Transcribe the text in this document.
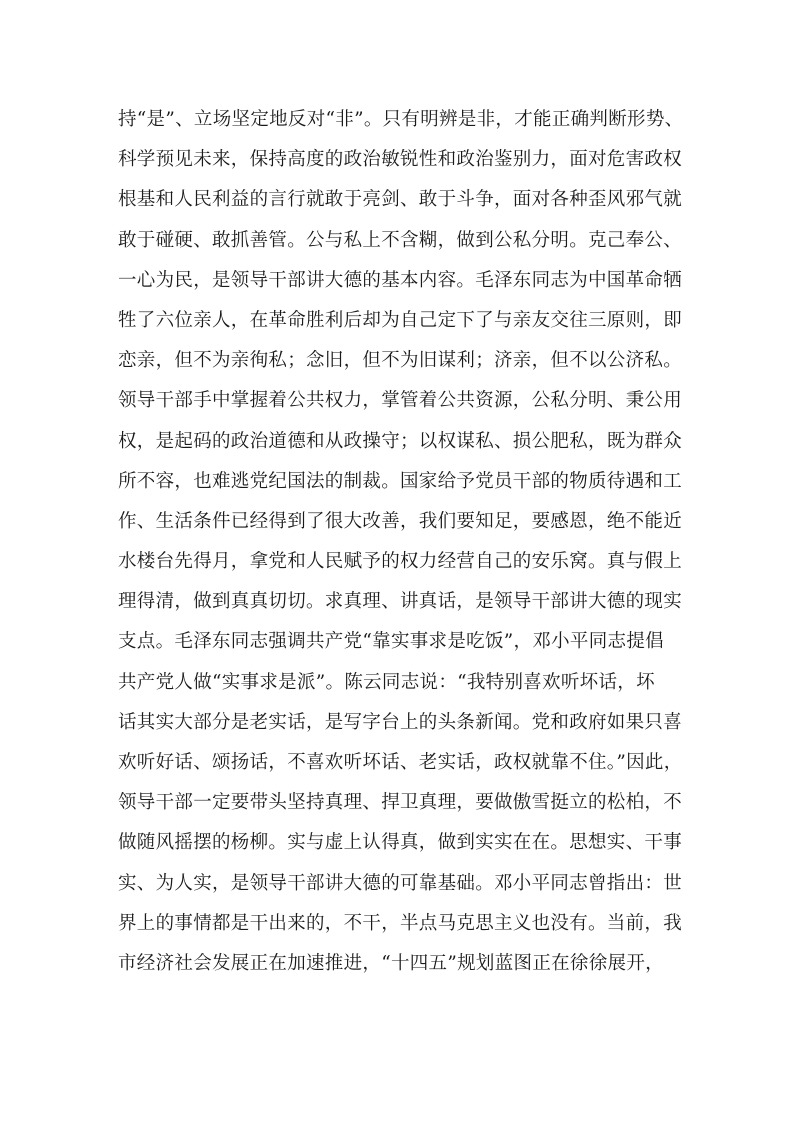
持“是”、立场坚定地反对“非”。只有明辨是非，才能正确判断形势、
科学预见未来，保持高度的政治敏锐性和政治鉴别力，面对危害政权
根基和人民利益的言行就敢于亮剑、敢于斗争，面对各种歪风邪气就
敢于碰硬、敢抓善管。公与私上不含糊，做到公私分明。克己奉公、
一心为民，是领导干部讲大德的基本内容。毛泽东同志为中国革命牺
牲了六位亲人，在革命胜利后却为自己定下了与亲友交往三原则，即
恋亲，但不为亲徇私；念旧，但不为旧谋利；济亲，但不以公济私。
领导干部手中掌握着公共权力，掌管着公共资源，公私分明、秉公用
权，是起码的政治道德和从政操守；以权谋私、损公肥私，既为群众
所不容，也难逃党纪国法的制裁。国家给予党员干部的物质待遇和工
作、生活条件已经得到了很大改善，我们要知足，要感恩，绝不能近
水楼台先得月，拿党和人民赋予的权力经营自己的安乐窝。真与假上
理得清，做到真真切切。求真理、讲真话，是领导干部讲大德的现实
支点。毛泽东同志强调共产党“靠实事求是吃饭”，邓小平同志提倡
共产党人做“实事求是派”。陈云同志说：“我特别喜欢听坏话，坏
话其实大部分是老实话，是写字台上的头条新闻。党和政府如果只喜
欢听好话、颂扬话，不喜欢听坏话、老实话，政权就靠不住。”因此，
领导干部一定要带头坚持真理、捍卫真理，要做傲雪挺立的松柏，不
做随风摇摆的杨柳。实与虚上认得真，做到实实在在。思想实、干事
实、为人实，是领导干部讲大德的可靠基础。邓小平同志曾指出：世
界上的事情都是干出来的，不干，半点马克思主义也没有。当前，我
市经济社会发展正在加速推进，“十四五”规划蓝图正在徐徐展开，
